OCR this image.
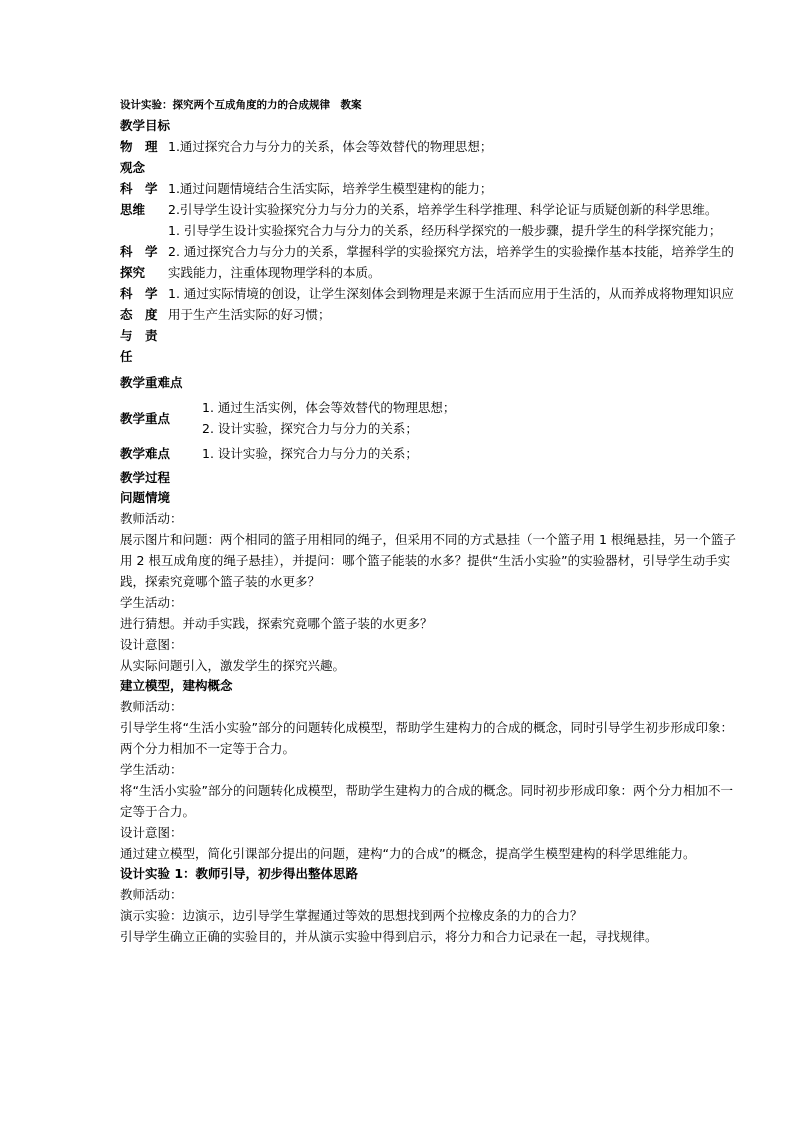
设计实验：探究两个互成角度的力的合成规律　教案
教学目标
物　理
观念

1.通过探究合力与分力的关系，体会等效替代的物理思想；

科　学
思维

1.通过问题情境结合生活实际，培养学生模型建构的能力；

2.引导学生设计实验探究分力与分力的关系，培养学生科学推理、科学论证与质疑创新的科学思维。

科　学
探究

1. 引导学生设计实验探究合力与分力的关系，经历科学探究的一般步骤，提升学生的科学探究能力；

2. 通过探究合力与分力的关系，掌握科学的实验探究方法，培养学生的实验操作基本技能，培养学生的实践能力，注重体现物理学科的本质。

科　学
态　度
与　责
任

1. 通过实际情境的创设，让学生深刻体会到物理是来源于生活而应用于生活的，从而养成将物理知识应用于生产生活实际的好习惯；

教学重难点
教学重点

1. 通过生活实例，体会等效替代的物理思想；

2. 设计实验，探究合力与分力的关系；

教学难点	1. 设计实验，探究合力与分力的关系；

教学过程
问题情境
教师活动：
展示图片和问题：两个相同的篮子用相同的绳子，但采用不同的方式悬挂（一个篮子用 1 根绳悬挂，另一个篮子用 2 根互成角度的绳子悬挂），并提问：哪个篮子能装的水多？提供“生活小实验”的实验器材，引导学生动手实践，探索究竟哪个篮子装的水更多？
学生活动：
进行猜想。并动手实践，探索究竟哪个篮子装的水更多？
设计意图：
从实际问题引入，激发学生的探究兴趣。
建立模型，建构概念
教师活动：
引导学生将“生活小实验”部分的问题转化成模型，帮助学生建构力的合成的概念，同时引导学生初步形成印象：两个分力相加不一定等于合力。
学生活动：
将“生活小实验”部分的问题转化成模型，帮助学生建构力的合成的概念。同时初步形成印象：两个分力相加不一定等于合力。
设计意图：
通过建立模型，简化引课部分提出的问题，建构“力的合成”的概念，提高学生模型建构的科学思维能力。
设计实验 1：教师引导，初步得出整体思路
教师活动：
演示实验：边演示，边引导学生掌握通过等效的思想找到两个拉橡皮条的力的合力？
引导学生确立正确的实验目的，并从演示实验中得到启示，将分力和合力记录在一起，寻找规律。
